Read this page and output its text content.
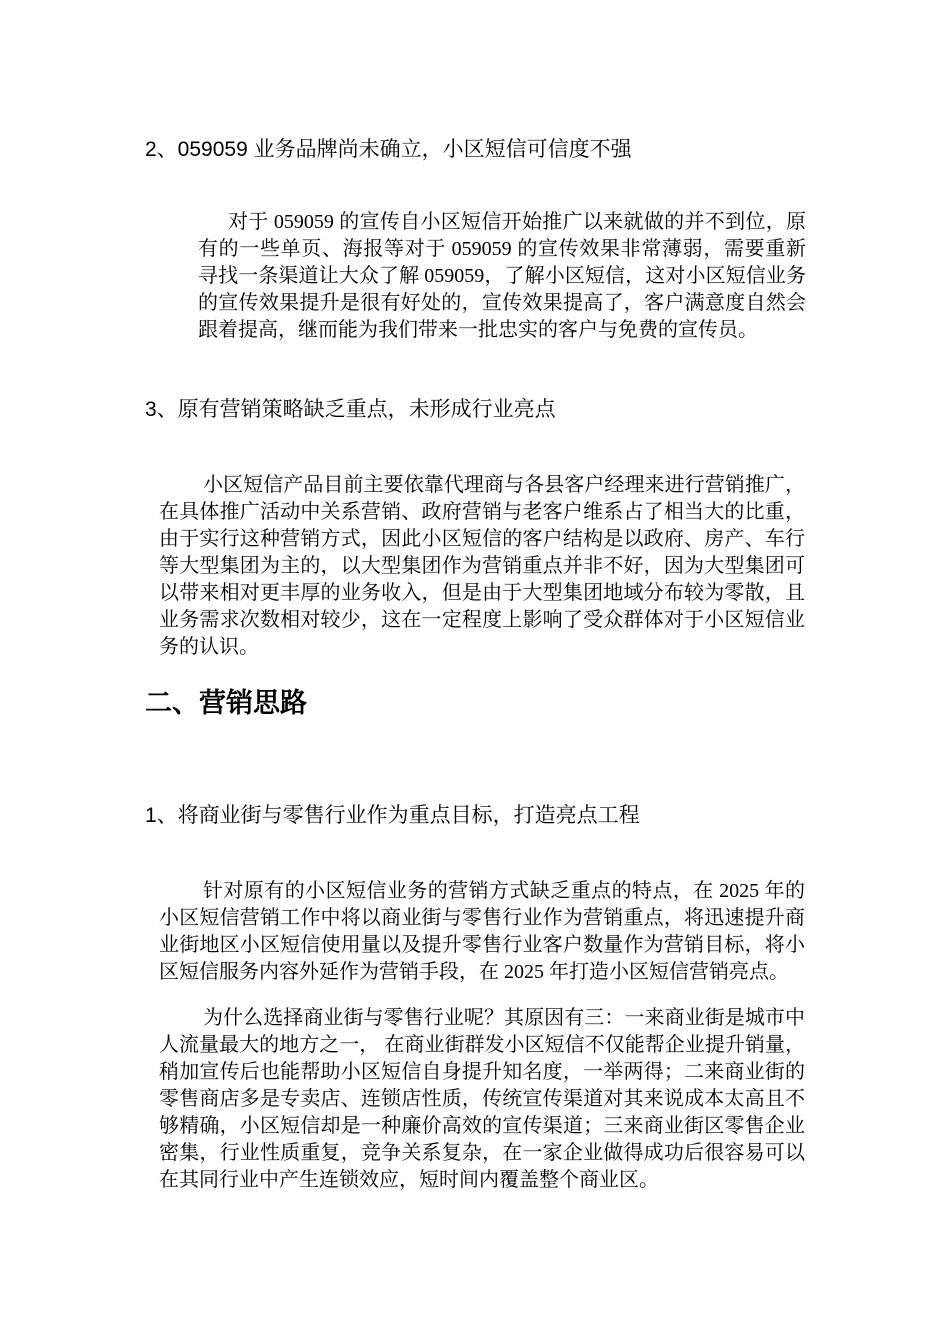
2、059059 业务品牌尚未确立，小区短信可信度不强

对于 059059 的宣传自小区短信开始推广以来就做的并不到位，原有的一些单页、海报等对于 059059 的宣传效果非常薄弱，需要重新寻找一条渠道让大众了解 059059，了解小区短信，这对小区短信业务的宣传效果提升是很有好处的，宣传效果提高了，客户满意度自然会跟着提高，继而能为我们带来一批忠实的客户与免费的宣传员。

3、原有营销策略缺乏重点，未形成行业亮点

小区短信产品目前主要依靠代理商与各县客户经理来进行营销推广，在具体推广活动中关系营销、政府营销与老客户维系占了相当大的比重，由于实行这种营销方式，因此小区短信的客户结构是以政府、房产、车行等大型集团为主的，以大型集团作为营销重点并非不好，因为大型集团可以带来相对更丰厚的业务收入，但是由于大型集团地域分布较为零散，且业务需求次数相对较少，这在一定程度上影响了受众群体对于小区短信业务的认识。

二、营销思路
1、将商业街与零售行业作为重点目标，打造亮点工程

针对原有的小区短信业务的营销方式缺乏重点的特点，在 2025 年的小区短信营销工作中将以商业街与零售行业作为营销重点，将迅速提升商业街地区小区短信使用量以及提升零售行业客户数量作为营销目标，将小区短信服务内容外延作为营销手段，在 2025 年打造小区短信营销亮点。

为什么选择商业街与零售行业呢？其原因有三：一来商业街是城市中人流量最大的地方之一， 在商业街群发小区短信不仅能帮企业提升销量，稍加宣传后也能帮助小区短信自身提升知名度，一举两得；二来商业街的零售商店多是专卖店、连锁店性质，传统宣传渠道对其来说成本太高且不够精确，小区短信却是一种廉价高效的宣传渠道；三来商业街区零售企业密集，行业性质重复，竞争关系复杂，在一家企业做得成功后很容易可以在其同行业中产生连锁效应，短时间内覆盖整个商业区。
